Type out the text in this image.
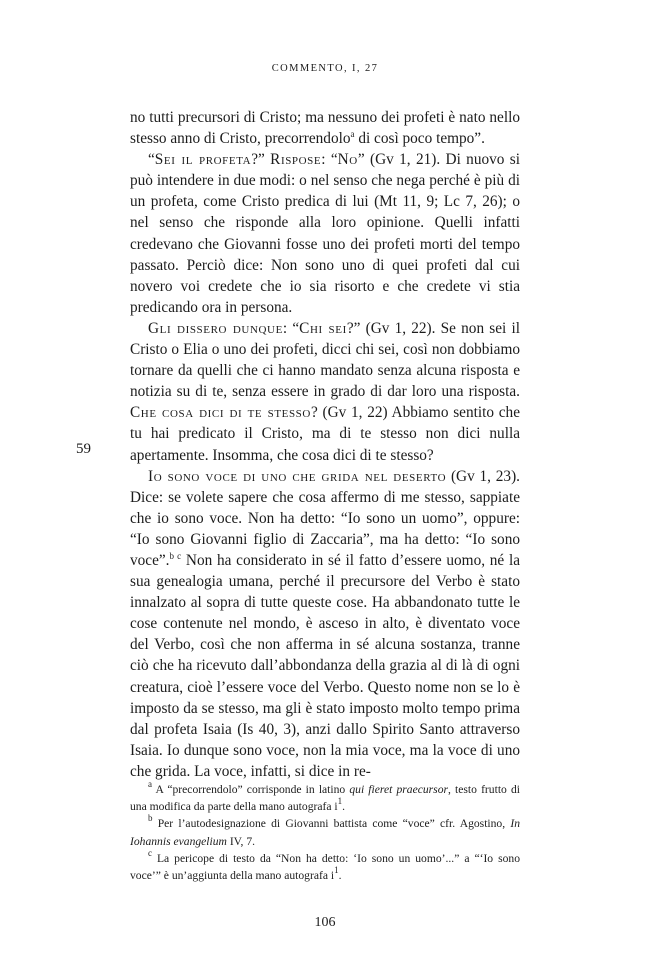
COMMENTO, I, 27
59

no tutti precursori di Cristo; ma nessuno dei profeti è nato nello stesso anno di Cristo, precorrendolo$^a$ di così poco tempo”.

“Sei il profeta?” Rispose: “No” (Gv 1, 21). Di nuovo si può intendere in due modi: o nel senso che nega perché è più di un profeta, come Cristo predica di lui (Mt 11, 9; Lc 7, 26); o nel senso che risponde alla loro opinione. Quelli infatti credevano che Giovanni fosse uno dei profeti morti del tempo passato. Perciò dice: Non sono uno di quei profeti dal cui novero voi credete che io sia risorto e che credete vi stia predicando ora in persona.

Gli dissero dunque: “Chi sei?” (Gv 1, 22). Se non sei il Cristo o Elia o uno dei profeti, dicci chi sei, così non dobbiamo tornare da quelli che ci hanno mandato senza alcuna risposta e notizia su di te, senza essere in grado di dar loro una risposta. Che cosa dici di te stesso? (Gv 1, 22) Abbiamo sentito che tu hai predicato il Cristo, ma di te stesso non dici nulla apertamente. Insomma, che cosa dici di te stesso?

Io sono voce di uno che grida nel deserto (Gv 1, 23). Dice: se volete sapere che cosa affermo di me stesso, sappiate che io sono voce. Non ha detto: “Io sono un uomo”, oppure: “Io sono Giovanni figlio di Zaccaria”, ma ha detto: “Io sono voce”.$^{b c}$ Non ha considerato in sé il fatto d’essere uomo, né la sua genealogia umana, perché il precursore del Verbo è stato innalzato al sopra di tutte queste cose. Ha abbandonato tutte le cose contenute nel mondo, è asceso in alto, è diventato voce del Verbo, così che non afferma in sé alcuna sostanza, tranne ciò che ha ricevuto dall’abbondanza della grazia al di là di ogni creatura, cioè l’essere voce del Verbo. Questo nome non se lo è imposto da se stesso, ma gli è stato imposto molto tempo prima dal profeta Isaia (Is 40, 3), anzi dallo Spirito Santo attraverso Isaia. Io dunque sono voce, non la mia voce, ma la voce di uno che grida. La voce, infatti, si dice in re-

$^a$ A “precorrendolo” corrisponde in latino qui fieret praecursor, testo frutto di una modifica da parte della mano autografa $i^1$.

$^b$ Per l’autodesignazione di Giovanni battista come “voce” cfr. Agostino, In Iohannis evangelium IV, 7.

$^c$ La pericope di testo da “Non ha detto: ‘Io sono un uomo’...” a “‘Io sono voce’” è un’aggiunta della mano autografa $i^1$.

106
